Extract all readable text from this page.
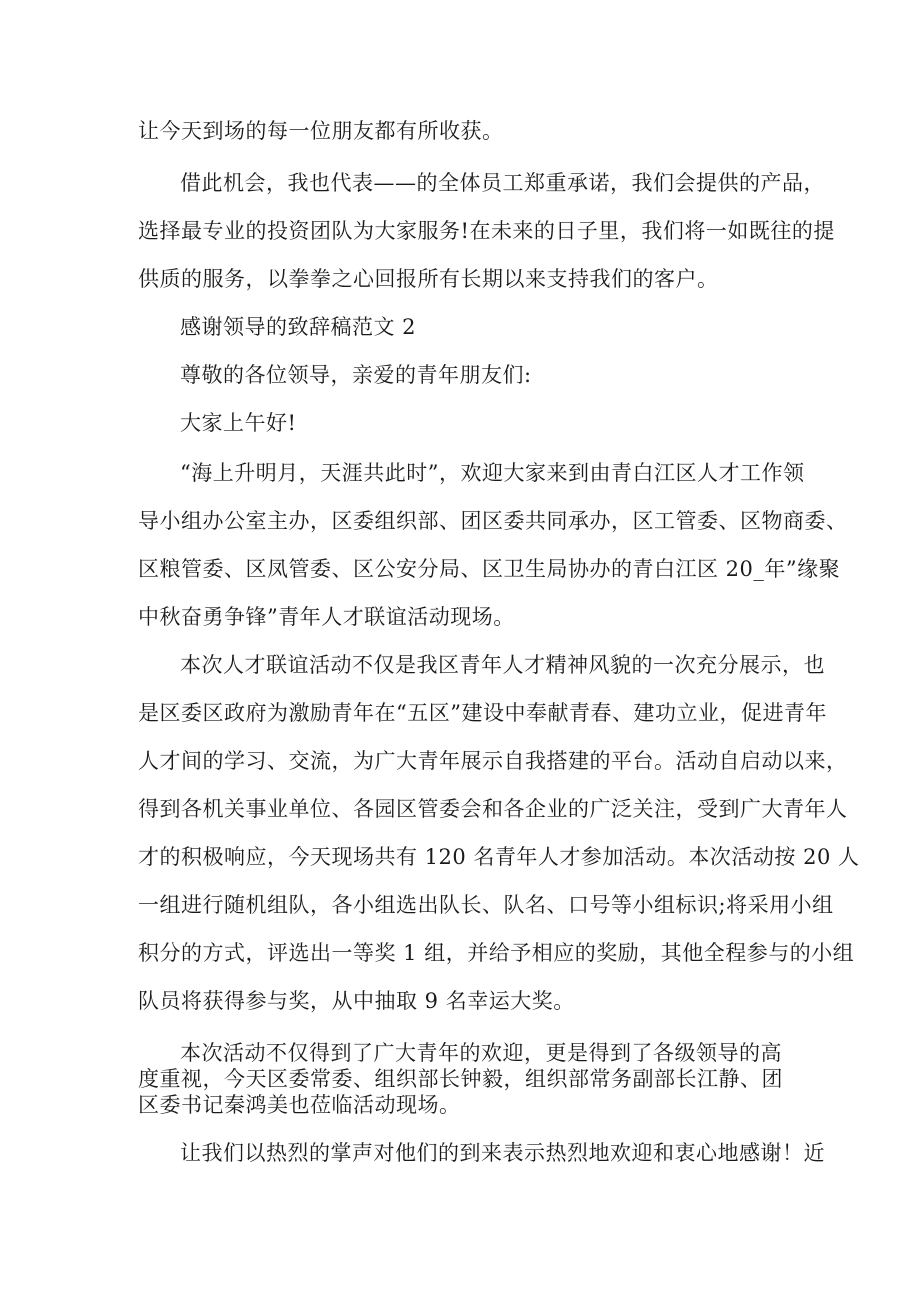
让今天到场的每一位朋友都有所收获。
借此机会，我也代表——的全体员工郑重承诺，我们会提供的产品，
选择最专业的投资团队为大家服务!在未来的日子里，我们将一如既往的提
供质的服务，以拳拳之心回报所有长期以来支持我们的客户。
感谢领导的致辞稿范文 2
尊敬的各位领导，亲爱的青年朋友们:
大家上午好!
“海上升明月，天涯共此时”，欢迎大家来到由青白江区人才工作领
导小组办公室主办，区委组织部、团区委共同承办，区工管委、区物商委、
区粮管委、区凤管委、区公安分局、区卫生局协办的青白江区 20_年”缘聚
中秋奋勇争锋”青年人才联谊活动现场。
本次人才联谊活动不仅是我区青年人才精神风貌的一次充分展示，也
是区委区政府为激励青年在“五区”建设中奉献青春、建功立业，促进青年
人才间的学习、交流，为广大青年展示自我搭建的平台。活动自启动以来，
得到各机关事业单位、各园区管委会和各企业的广泛关注，受到广大青年人
才的积极响应，今天现场共有 120 名青年人才参加活动。本次活动按 20 人
一组进行随机组队，各小组选出队长、队名、口号等小组标识;将采用小组
积分的方式，评选出一等奖 1 组，并给予相应的奖励，其他全程参与的小组
队员将获得参与奖，从中抽取 9 名幸运大奖。
本次活动不仅得到了广大青年的欢迎，更是得到了各级领导的高度重视，今天区委常委、组织部长钟毅，组织部常务副部长江静、团区委书记秦鸿美也莅临活动现场。
让我们以热烈的掌声对他们的到来表示热烈地欢迎和衷心地感谢！近
